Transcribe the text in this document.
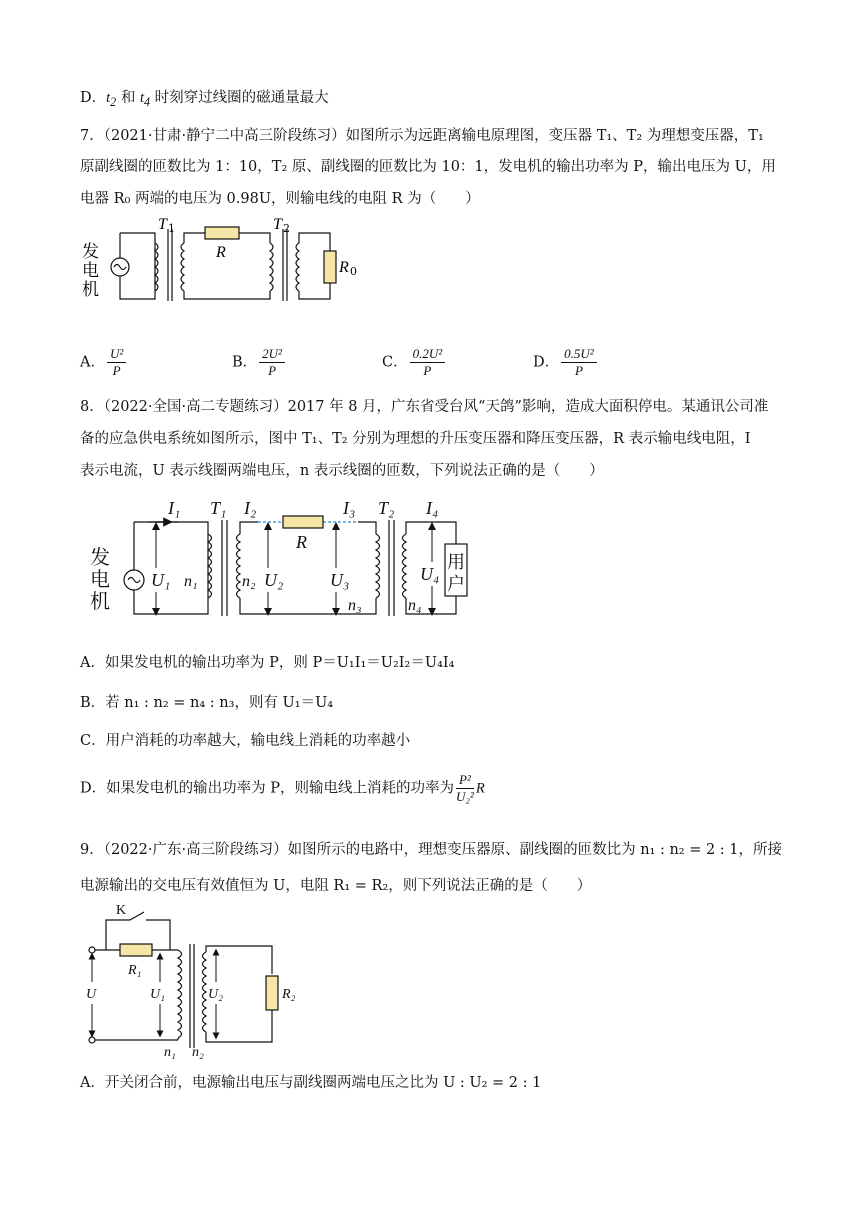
D．$t_2$ 和 $t_4$ 时刻穿过线圈的磁通量最大
7．（2021·甘肃·静宁二中高三阶段练习）如图所示为远距离输电原理图，变压器 T₁、T₂ 为理想变压器，T₁
原副线圈的匝数比为 1：10，T₂ 原、副线圈的匝数比为 10：1，发电机的输出功率为 P，输出电压为 U，用
电器 R₀ 两端的电压为 0.98U，则输电线的电阻 R 为（　　）
发
电
机
T 1
R
T 2
R 0
A． $\frac{\text{U²}}{P}$	B． $\frac{\text{2U²}}{P}$	C． $\frac{\text{0.2U²}}{P}$	D． $\frac{\text{0.5U²}}{P}$
8．（2022·全国·高二专题练习）2017 年 8 月，广东省受台风“天鸽”影响，造成大面积停电。某通讯公司准
备的应急供电系统如图所示，图中 T₁、T₂ 分别为理想的升压变压器和降压变压器，R 表示输电线电阻，I
表示电流，U 表示线圈两端电压，n 表示线圈的匝数，下列说法正确的是（　　）
I₁ T₁ I₂	I₃ T₂ I₄
U₁ n₁	n₂ U₂
R
U₃
n₃
U₄
n₄
发
电
机
用
户
A．如果发电机的输出功率为 P，则 P＝U₁I₁＝U₂I₂＝U₄I₄
B．若 n₁ : n₂ = n₄ : n₃，则有 U₁＝U₄
C．用户消耗的功率越大，输电线上消耗的功率越小
D．如果发电机的输出功率为 P，则输电线上消耗的功率为 $\frac{\text{P²}}{\text{U₂²}}$ R
9．（2022·广东·高三阶段练习）如图所示的电路中，理想变压器原、副线圈的匝数比为 n₁ : n₂ = 2 : 1，所接
电源输出的交电压有效值恒为 U，电阻 R₁ = R₂，则下列说法正确的是（　　）
K
R₁
U	U₁	U₂	R₂
n₁ n₂
A．开关闭合前，电源输出电压与副线圈两端电压之比为 U : U₂ = 2 : 1
